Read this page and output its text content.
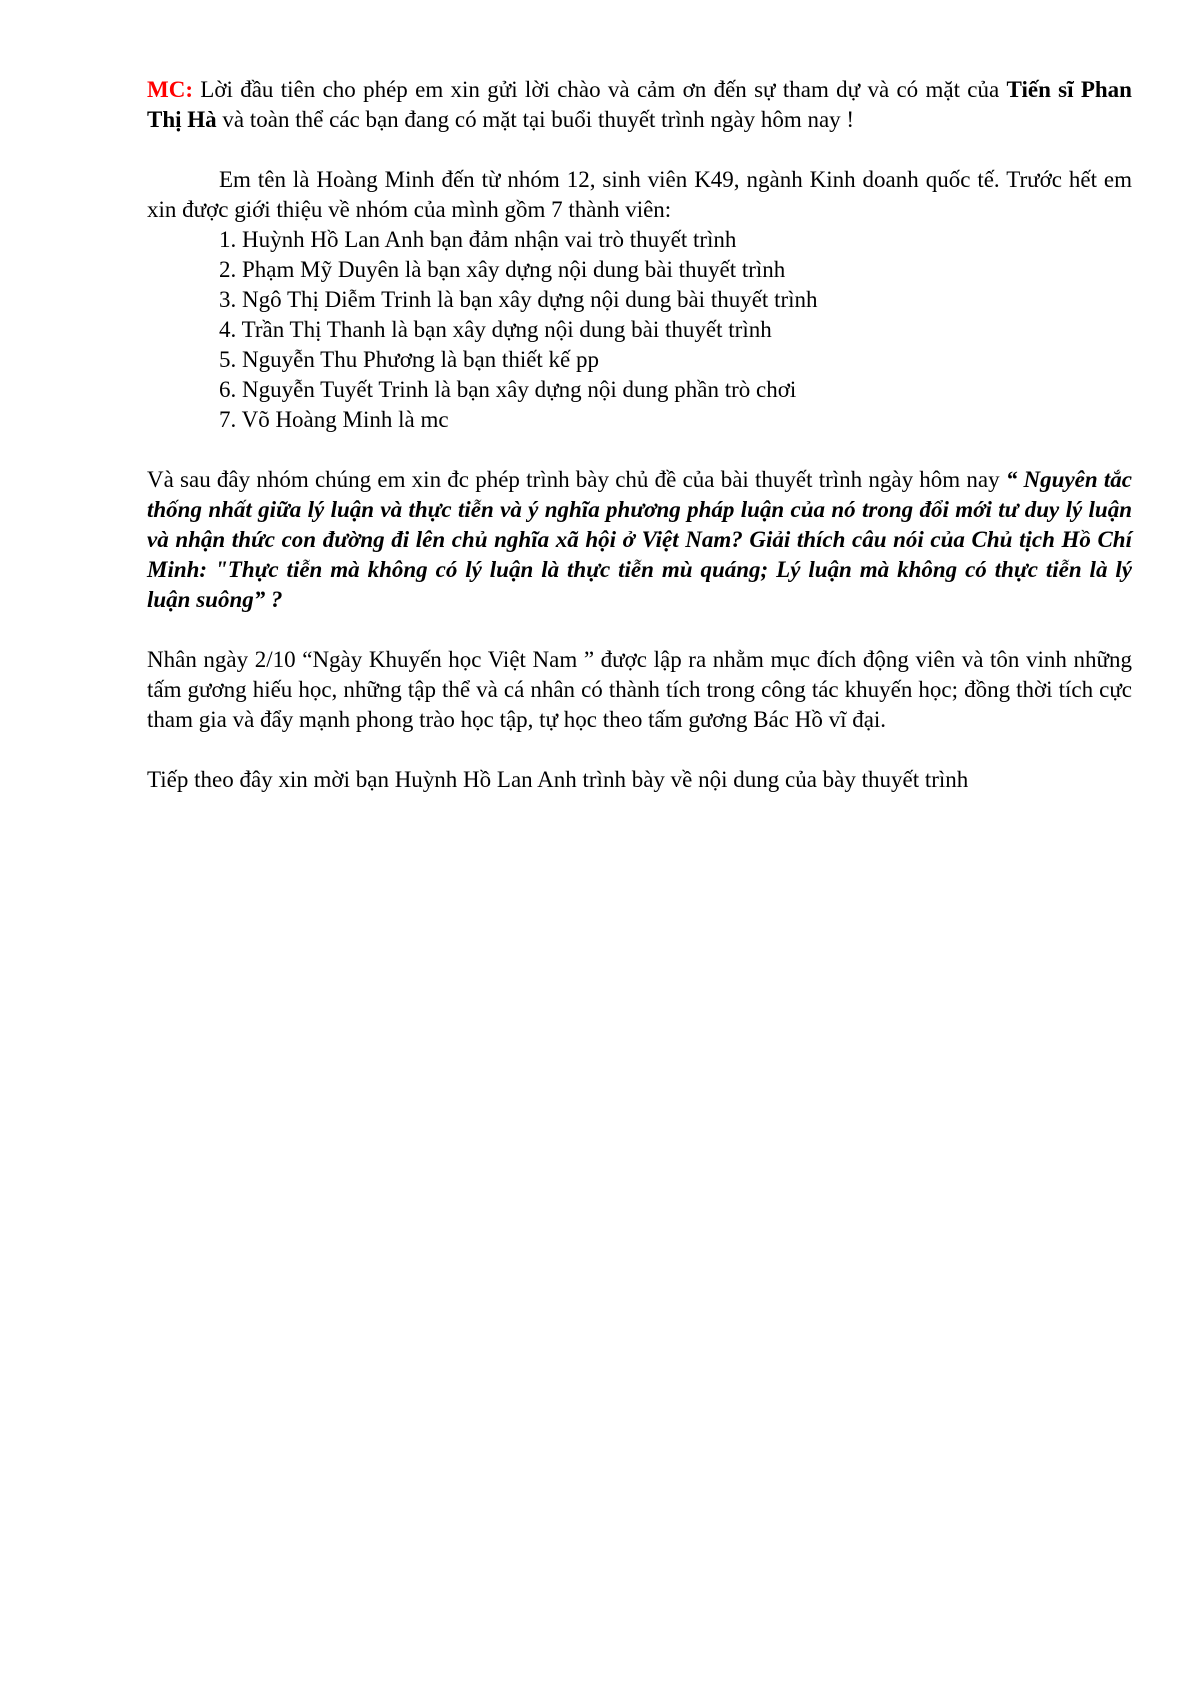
MC: Lời đầu tiên cho phép em xin gửi lời chào và cảm ơn đến sự tham dự và có mặt của Tiến sĩ Phan Thị Hà và toàn thể các bạn đang có mặt tại buổi thuyết trình ngày hôm nay !

Em tên là Hoàng Minh đến từ nhóm 12, sinh viên K49, ngành Kinh doanh quốc tế. Trước hết em xin được giới thiệu về nhóm của mình gồm 7 thành viên:

1. Huỳnh Hồ Lan Anh bạn đảm nhận vai trò thuyết trình
2. Phạm Mỹ Duyên là bạn xây dựng nội dung bài thuyết trình
3. Ngô Thị Diễm Trinh là bạn xây dựng nội dung bài thuyết trình
4. Trần Thị Thanh là bạn xây dựng nội dung bài thuyết trình
5. Nguyễn Thu Phương là bạn thiết kế pp
6. Nguyễn Tuyết Trinh là bạn xây dựng nội dung phần trò chơi
7. Võ Hoàng Minh là mc

Và sau đây nhóm chúng em xin đc phép trình bày chủ đề của bài thuyết trình ngày hôm nay “ Nguyên tắc thống nhất giữa lý luận và thực tiễn và ý nghĩa phương pháp luận của nó trong đổi mới tư duy lý luận và nhận thức con đường đi lên chủ nghĩa xã hội ở Việt Nam? Giải thích câu nói của Chủ tịch Hồ Chí Minh: "Thực tiễn mà không có lý luận là thực tiễn mù quáng; Lý luận mà không có thực tiễn là lý luận suông” ?

Nhân ngày 2/10 “Ngày Khuyến học Việt Nam ” được lập ra nhằm mục đích động viên và tôn vinh những tấm gương hiếu học, những tập thể và cá nhân có thành tích trong công tác khuyến học; đồng thời tích cực tham gia và đẩy mạnh phong trào học tập, tự học theo tấm gương Bác Hồ vĩ đại.

Tiếp theo đây xin mời bạn Huỳnh Hồ Lan Anh trình bày về nội dung của bày thuyết trình
